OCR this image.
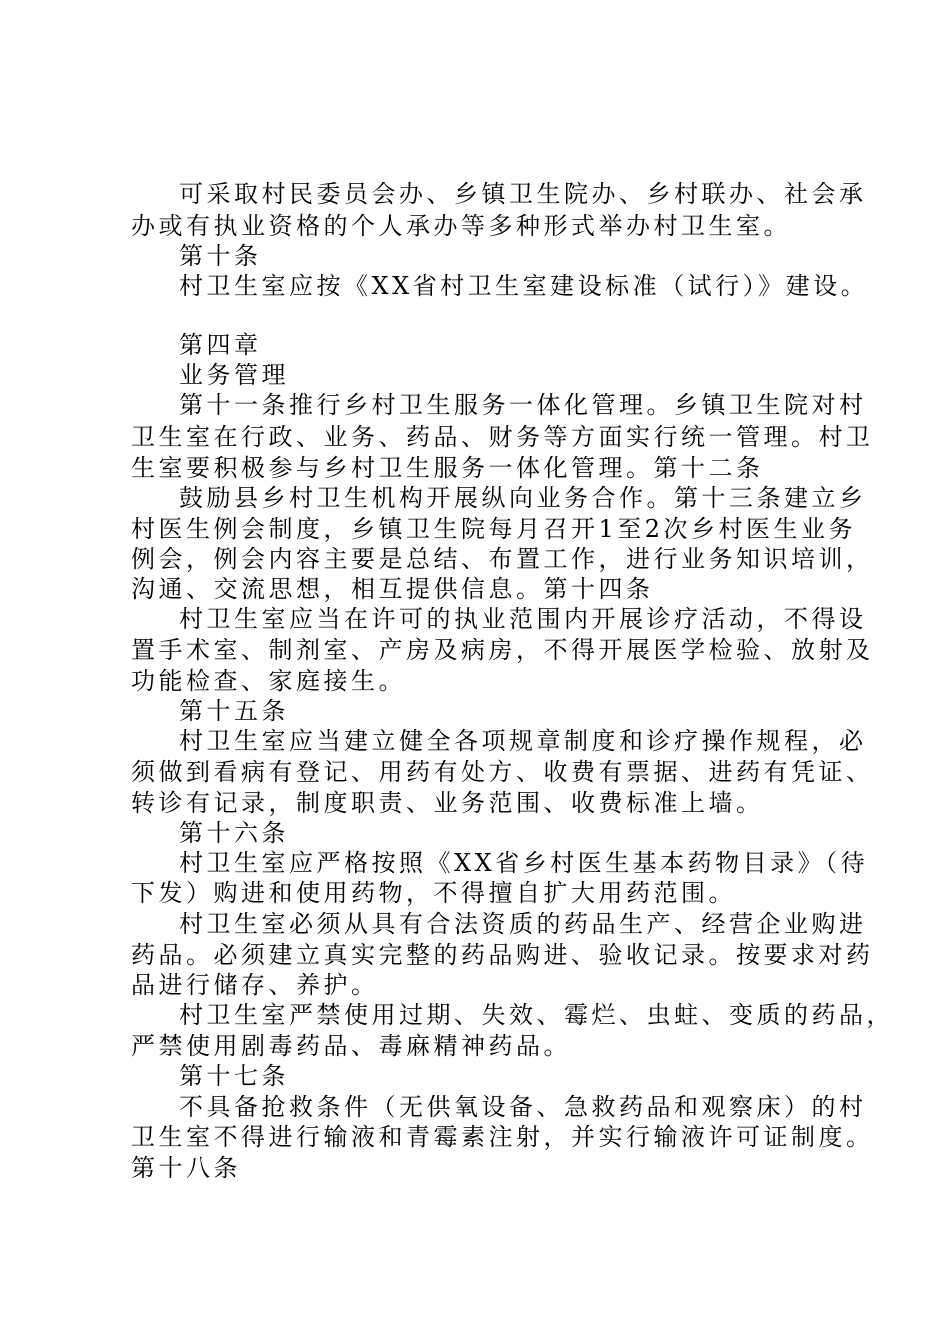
可采取村民委员会办、乡镇卫生院办、乡村联办、社会承
办或有执业资格的个人承办等多种形式举办村卫生室。
第十条
村卫生室应按《XX省村卫生室建设标准（试行）》建设。
第四章
业务管理
第十一条推行乡村卫生服务一体化管理。乡镇卫生院对村
卫生室在行政、业务、药品、财务等方面实行统一管理。村卫
生室要积极参与乡村卫生服务一体化管理。第十二条
鼓励县乡村卫生机构开展纵向业务合作。第十三条建立乡
村医生例会制度，乡镇卫生院每月召开1至2次乡村医生业务
例会，例会内容主要是总结、布置工作，进行业务知识培训，
沟通、交流思想，相互提供信息。第十四条
村卫生室应当在许可的执业范围内开展诊疗活动，不得设
置手术室、制剂室、产房及病房，不得开展医学检验、放射及
功能检查、家庭接生。
第十五条
村卫生室应当建立健全各项规章制度和诊疗操作规程，必
须做到看病有登记、用药有处方、收费有票据、进药有凭证、
转诊有记录，制度职责、业务范围、收费标准上墙。
第十六条
村卫生室应严格按照《XX省乡村医生基本药物目录》（待
下发）购进和使用药物，不得擅自扩大用药范围。
村卫生室必须从具有合法资质的药品生产、经营企业购进
药品。必须建立真实完整的药品购进、验收记录。按要求对药
品进行储存、养护。
村卫生室严禁使用过期、失效、霉烂、虫蛀、变质的药品，
严禁使用剧毒药品、毒麻精神药品。
第十七条
不具备抢救条件（无供氧设备、急救药品和观察床）的村
卫生室不得进行输液和青霉素注射，并实行输液许可证制度。
第十八条
